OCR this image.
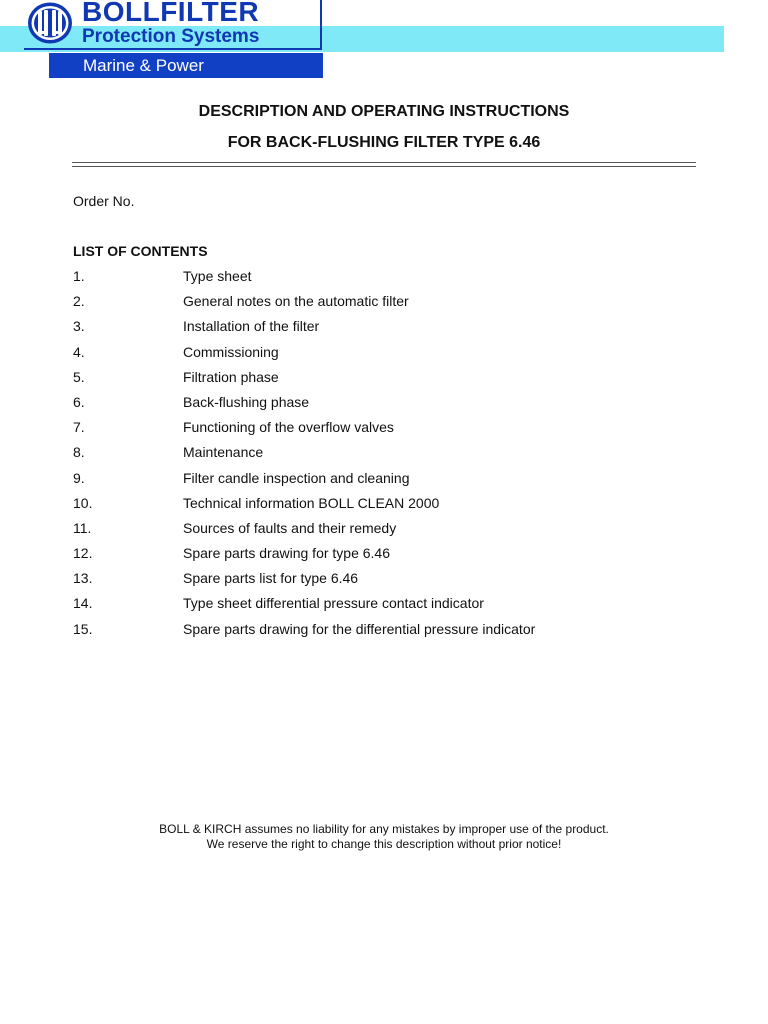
BOLLFILTER
Protection Systems
Marine & Power
DESCRIPTION AND OPERATING INSTRUCTIONS
FOR BACK-FLUSHING FILTER TYPE 6.46
Order No.
LIST OF CONTENTS
1.	Type sheet
2.	General notes on the automatic filter
3.	Installation of the filter
4.	Commissioning
5.	Filtration phase
6.	Back-flushing phase
7.	Functioning of the overflow valves
8.	Maintenance
9.	Filter candle inspection and cleaning
10.	Technical information BOLL CLEAN 2000
11.	Sources of faults and their remedy
12.	Spare parts drawing for type 6.46
13.	Spare parts list for type 6.46
14.	Type sheet differential pressure contact indicator
15.	Spare parts drawing for the differential pressure indicator
BOLL & KIRCH assumes no liability for any mistakes by improper use of the product.
We reserve the right to change this description without prior notice!
